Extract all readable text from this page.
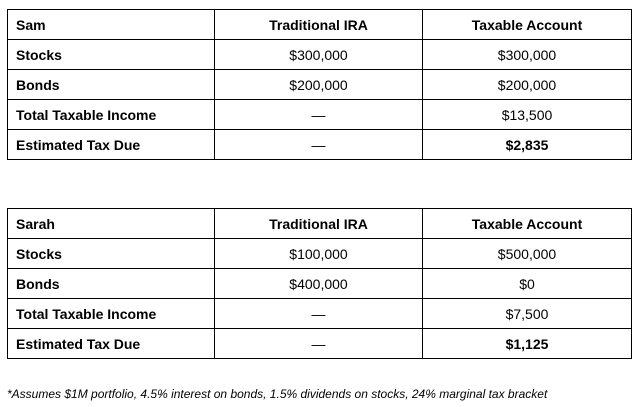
Sam	Traditional IRA	Taxable Account
Stocks	$300,000	$300,000
Bonds	$200,000	$200,000
Total Taxable Income	—	$13,500
Estimated Tax Due	—	$2,835
Sarah	Traditional IRA	Taxable Account
Stocks	$100,000	$500,000
Bonds	$400,000	$0
Total Taxable Income	—	$7,500
Estimated Tax Due	—	$1,125
*Assumes $1M portfolio, 4.5% interest on bonds, 1.5% dividends on stocks, 24% marginal tax bracket
